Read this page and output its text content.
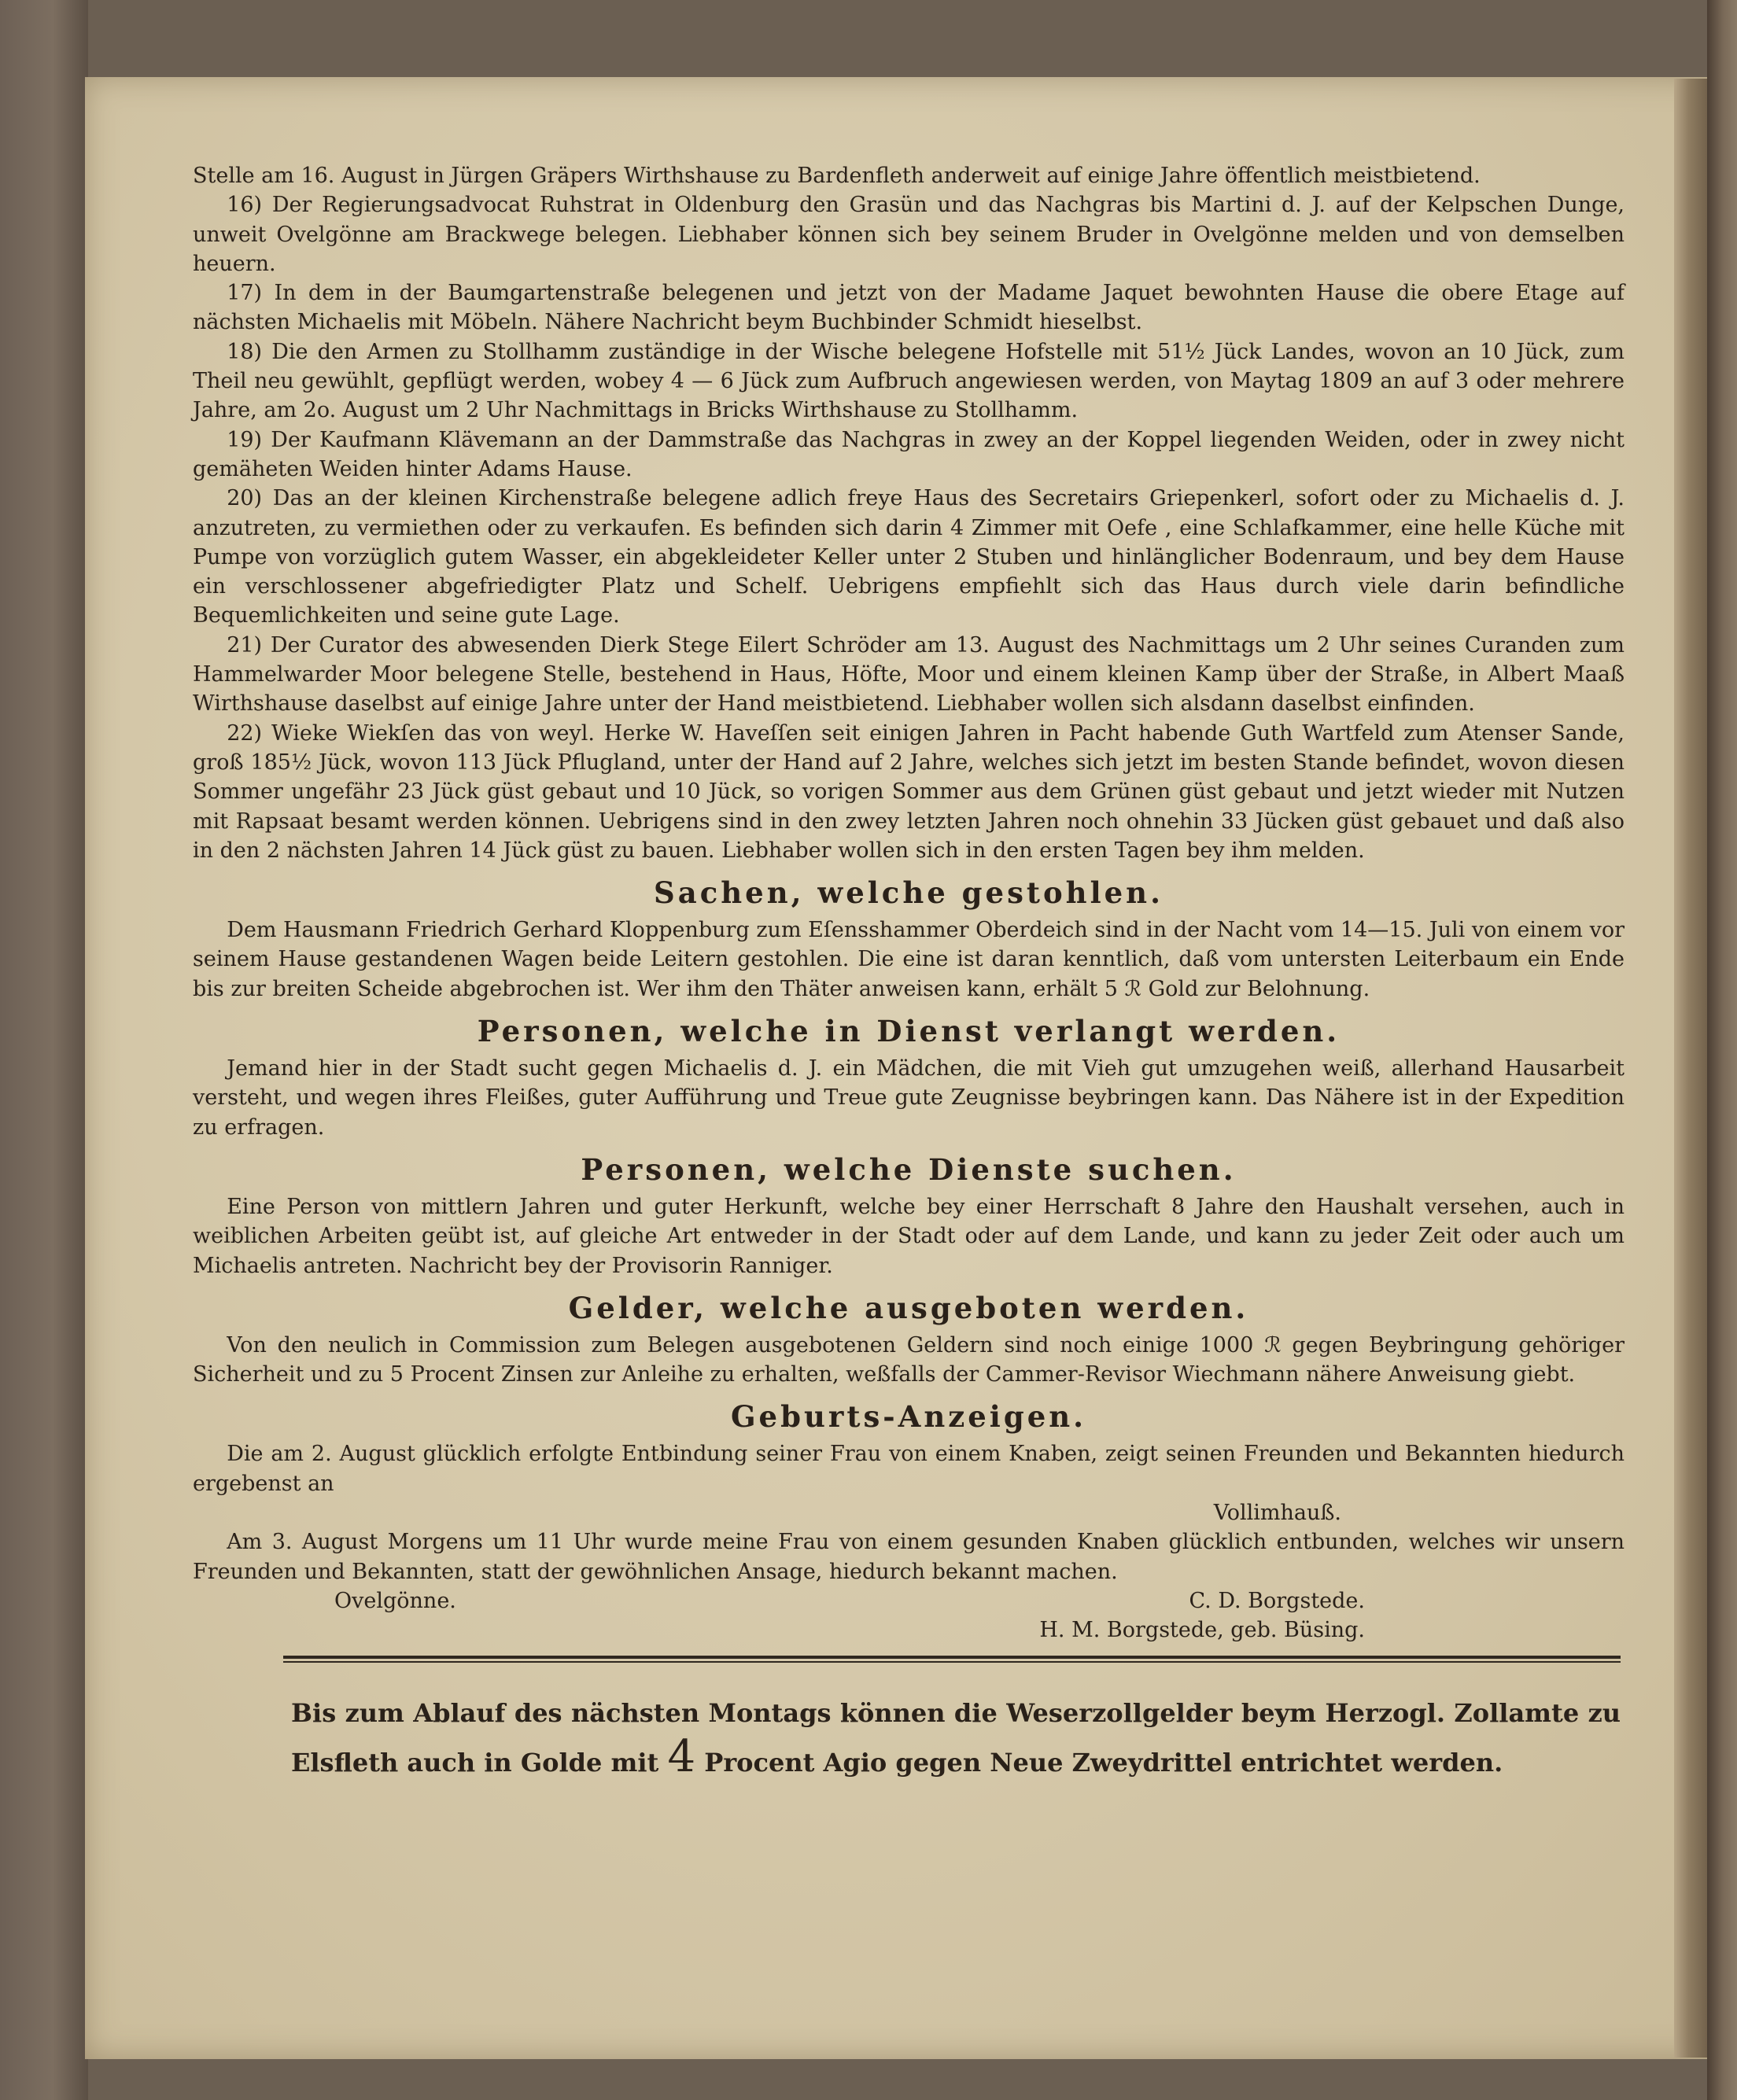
Stelle am 16. August in Jürgen Gräpers Wirthshause zu Bardenfleth anderweit auf einige Jahre öffentlich meistbietend.

16) Der Regierungsadvocat Ruhstrat in Oldenburg den Grasün und das Nachgras bis Martini d. J. auf der Kelpschen Dunge, unweit Ovelgönne am Brackwege belegen. Liebhaber können sich bey seinem Bruder in Ovelgönne melden und von demselben heuern.

17) In dem in der Baumgartenstraße belegenen und jetzt von der Madame Jaquet bewohnten Hause die obere Etage auf nächsten Michaelis mit Möbeln. Nähere Nachricht beym Buchbinder Schmidt hieselbst.

18) Die den Armen zu Stollhamm zuständige in der Wische belegene Hofstelle mit 51½ Jück Landes, wovon an 10 Jück, zum Theil neu gewühlt, gepflügt werden, wobey 4 — 6 Jück zum Aufbruch angewiesen werden, von Maytag 1809 an auf 3 oder mehrere Jahre, am 2o. August um 2 Uhr Nachmittags in Bricks Wirthshause zu Stollhamm.

19) Der Kaufmann Klävemann an der Dammstraße das Nachgras in zwey an der Koppel liegenden Weiden, oder in zwey nicht gemäheten Weiden hinter Adams Hause.

20) Das an der kleinen Kirchenstraße belegene adlich freye Haus des Secretairs Griepenkerl, sofort oder zu Michaelis d. J. anzutreten, zu vermiethen oder zu verkaufen. Es befinden sich darin 4 Zimmer mit Oefe , eine Schlafkammer, eine helle Küche mit Pumpe von vorzüglich gutem Wasser, ein abgekleideter Keller unter 2 Stuben und hinlänglicher Bodenraum, und bey dem Hause ein verschlossener abgefriedigter Platz und Schelf. Uebrigens empfiehlt sich das Haus durch viele darin befindliche Bequemlichkeiten und seine gute Lage.

21) Der Curator des abwesenden Dierk Stege Eilert Schröder am 13. August des Nachmittags um 2 Uhr seines Curanden zum Hammelwarder Moor belegene Stelle, bestehend in Haus, Höfte, Moor und einem kleinen Kamp über der Straße, in Albert Maaß Wirthshause daselbst auf einige Jahre unter der Hand meistbietend. Liebhaber wollen sich alsdann daselbst einfinden.

22) Wieke Wiekſen das von weyl. Herke W. Haveſſen seit einigen Jahren in Pacht habende Guth Wartfeld zum Atenser Sande, groß 185½ Jück, wovon 113 Jück Pflugland, unter der Hand auf 2 Jahre, welches sich jetzt im besten Stande befindet, wovon diesen Sommer ungefähr 23 Jück güst gebaut und 10 Jück, so vorigen Sommer aus dem Grünen güst gebaut und jetzt wieder mit Nutzen mit Rapsaat besamt werden können. Uebrigens sind in den zwey letzten Jahren noch ohnehin 33 Jücken güst gebauet und daß also in den 2 nächsten Jahren 14 Jück güst zu bauen. Liebhaber wollen sich in den ersten Tagen bey ihm melden.

Sachen, welche gestohlen.

Dem Hausmann Friedrich Gerhard Kloppenburg zum Eſensshammer Oberdeich sind in der Nacht vom 14—15. Juli von einem vor seinem Hause gestandenen Wagen beide Leitern gestohlen. Die eine ist daran kenntlich, daß vom untersten Leiterbaum ein Ende bis zur breiten Scheide abgebrochen ist. Wer ihm den Thäter anweisen kann, erhält 5 ℛ Gold zur Belohnung.

Personen, welche in Dienst verlangt werden.

Jemand hier in der Stadt sucht gegen Michaelis d. J. ein Mädchen, die mit Vieh gut umzugehen weiß, allerhand Hausarbeit versteht, und wegen ihres Fleißes, guter Aufführung und Treue gute Zeugnisse beybringen kann. Das Nähere ist in der Expedition zu erfragen.

Personen, welche Dienste suchen.

Eine Person von mittlern Jahren und guter Herkunft, welche bey einer Herrschaft 8 Jahre den Haushalt versehen, auch in weiblichen Arbeiten geübt ist, auf gleiche Art entweder in der Stadt oder auf dem Lande, und kann zu jeder Zeit oder auch um Michaelis antreten. Nachricht bey der Provisorin Ranniger.

Gelder, welche ausgeboten werden.

Von den neulich in Commission zum Belegen ausgebotenen Geldern sind noch einige 1000 ℛ gegen Beybringung gehöriger Sicherheit und zu 5 Procent Zinsen zur Anleihe zu erhalten, weßfalls der Cammer-Revisor Wiechmann nähere Anweisung giebt.

Geburts-Anzeigen.

Die am 2. August glücklich erfolgte Entbindung seiner Frau von einem Knaben, zeigt seinen Freunden und Bekannten hiedurch ergebenst an

Vollimhauß.

Am 3. August Morgens um 11 Uhr wurde meine Frau von einem gesunden Knaben glücklich entbunden, welches wir unsern Freunden und Bekannten, statt der gewöhnlichen Ansage, hiedurch bekannt machen.

Ovelgönne.	C. D. Borgstede.
H. M. Borgstede, geb. Büsing.
Bis zum Ablauf des nächsten Montags können die Weserzollgelder beym Herzogl. Zollamte zu Elsfleth auch in Golde mit 4 Procent Agio gegen Neue Zweydrittel entrichtet werden.
